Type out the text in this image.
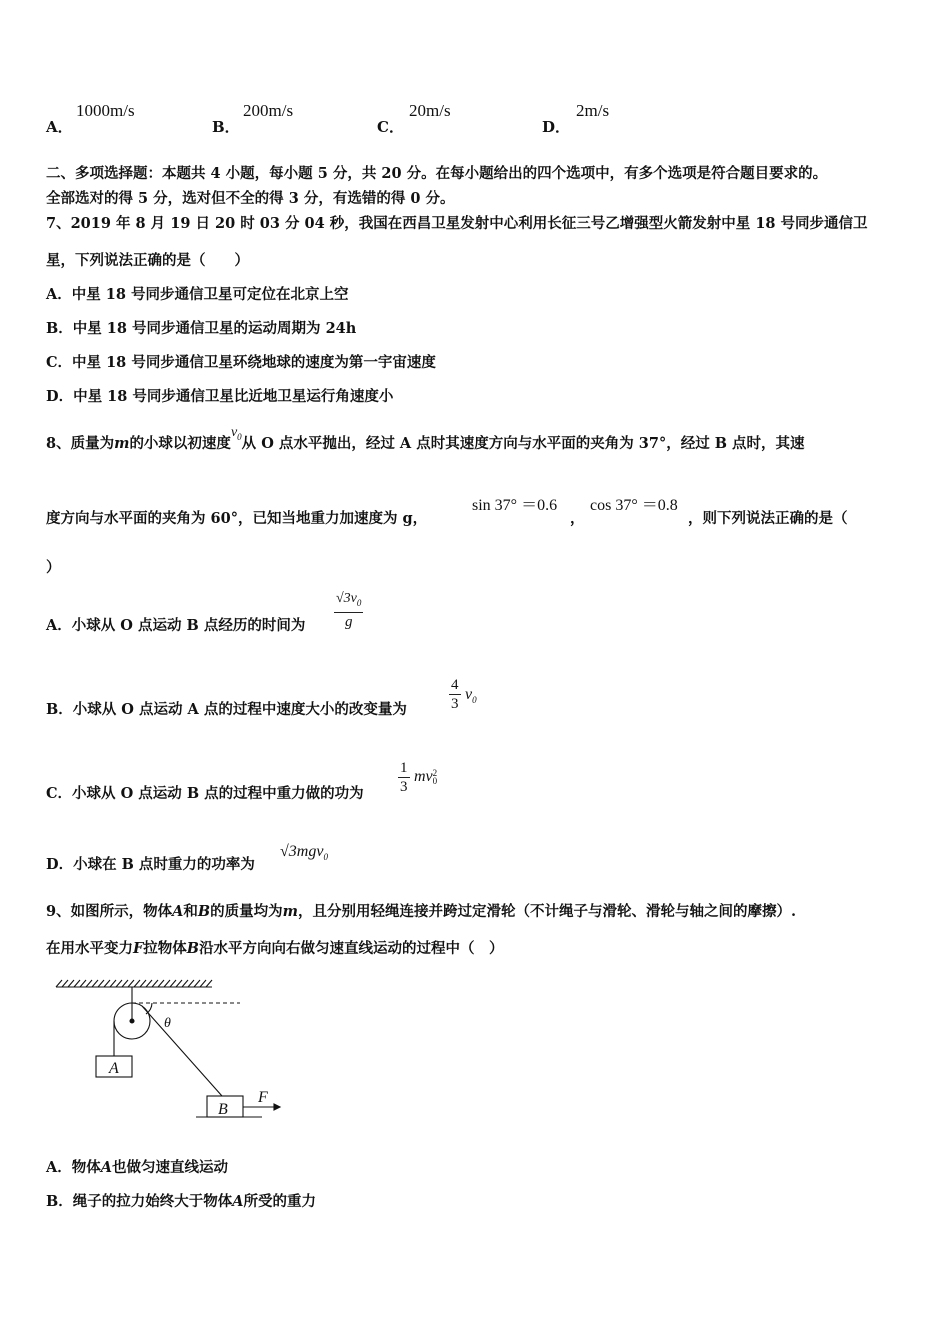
A．
1000m/s
B．
200m/s
C．
20m/s
D．
2m/s
二、多项选择题：本题共 4 小题，每小题 5 分，共 20 分。在每小题给出的四个选项中，有多个选项是符合题目要求的。
全部选对的得 5 分，选对但不全的得 3 分，有选错的得 0 分。
7、2019 年 8 月 19 日 20 时 03 分 04 秒，我国在西昌卫星发射中心利用长征三号乙增强型火箭发射中星 18 号同步通信卫
星，下列说法正确的是（　　）
A．中星 18 号同步通信卫星可定位在北京上空
B．中星 18 号同步通信卫星的运动周期为 24h
C．中星 18 号同步通信卫星环绕地球的速度为第一宇宙速度
D．中星 18 号同步通信卫星比近地卫星运行角速度小
8、质量为m的小球以初速度$v_0$从 O 点水平抛出，经过 A 点时其速度方向与水平面的夹角为 37°，经过 B 点时，其速
度方向与水平面的夹角为 60°，已知当地重力加速度为 g，
sin 37° ＝0.6
，
cos 37° ＝0.8
，则下列说法正确的是（
）
A．小球从 O 点运动 B 点经历的时间为 $\frac{√3v_0}{g}$
B．小球从 O 点运动 A 点的过程中速度大小的改变量为	$\frac{4}{3} v_0$
C．小球从 O 点运动 B 点的过程中重力做的功为 $\frac{1}{3}$ mv 2
0
D．小球在 B 点时重力的功率为
√3mgv$_0$
9、如图所示，物体A和B的质量均为m，且分别用轻绳连接并跨过定滑轮（不计绳子与滑轮、滑轮与轴之间的摩擦）.
在用水平变力F拉物体B沿水平方向向右做匀速直线运动的过程中（　）
A
B
F
θ
A．物体A也做匀速直线运动
B．绳子的拉力始终大于物体A所受的重力
